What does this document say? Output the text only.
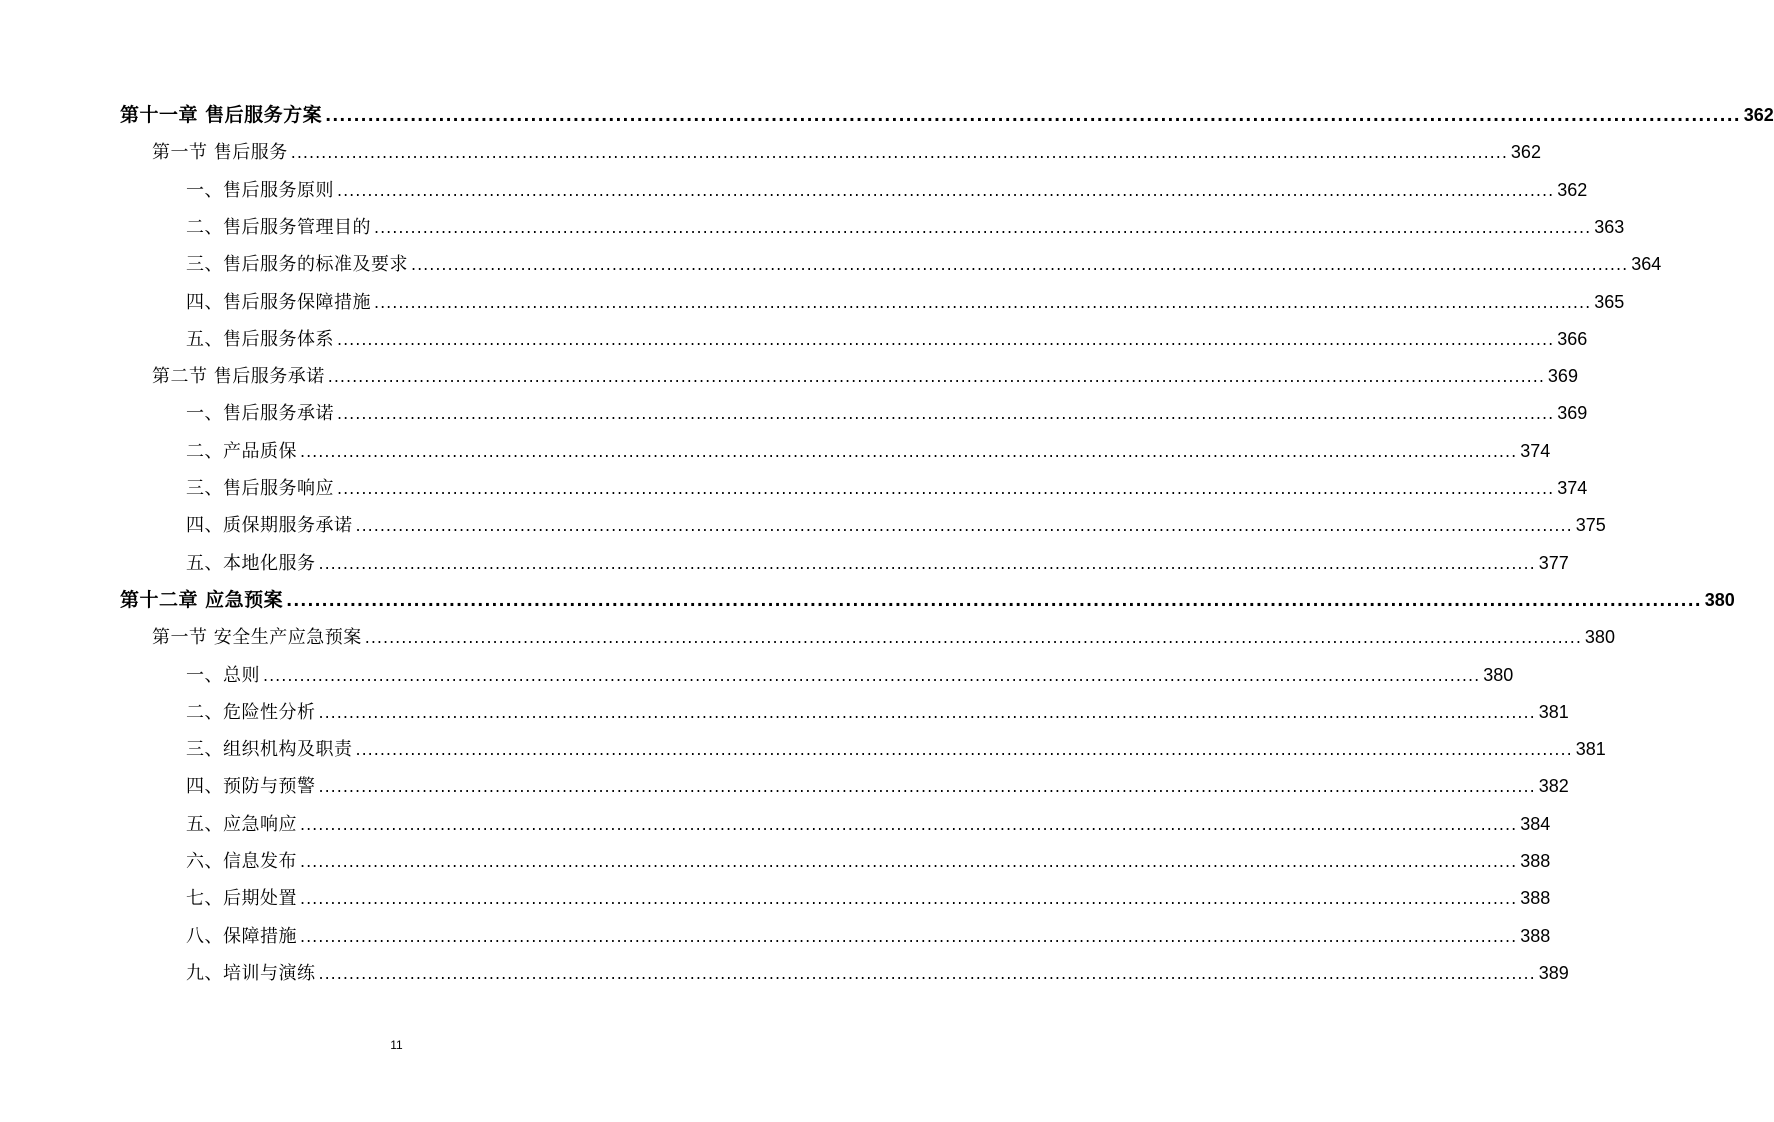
第十一章 售后服务方案 ........................................................................................................................................................................................................ 362
第一节 售后服务 ........................................................................................................................................................................................................ 362
一、售后服务原则 ........................................................................................................................................................................................................ 362
二、售后服务管理目的 ........................................................................................................................................................................................................ 363
三、售后服务的标准及要求 ........................................................................................................................................................................................................ 364
四、售后服务保障措施 ........................................................................................................................................................................................................ 365
五、售后服务体系 ........................................................................................................................................................................................................ 366
第二节 售后服务承诺 ........................................................................................................................................................................................................ 369
一、售后服务承诺 ........................................................................................................................................................................................................ 369
二、产品质保 ........................................................................................................................................................................................................ 374
三、售后服务响应 ........................................................................................................................................................................................................ 374
四、质保期服务承诺 ........................................................................................................................................................................................................ 375
五、本地化服务 ........................................................................................................................................................................................................ 377
第十二章 应急预案 ........................................................................................................................................................................................................ 380
第一节 安全生产应急预案 ........................................................................................................................................................................................................ 380
一、总则 ........................................................................................................................................................................................................ 380
二、危险性分析 ........................................................................................................................................................................................................ 381
三、组织机构及职责 ........................................................................................................................................................................................................ 381
四、预防与预警 ........................................................................................................................................................................................................ 382
五、应急响应 ........................................................................................................................................................................................................ 384
六、信息发布 ........................................................................................................................................................................................................ 388
七、后期处置 ........................................................................................................................................................................................................ 388
八、保障措施 ........................................................................................................................................................................................................ 388
九、培训与演练 ........................................................................................................................................................................................................ 389
11
